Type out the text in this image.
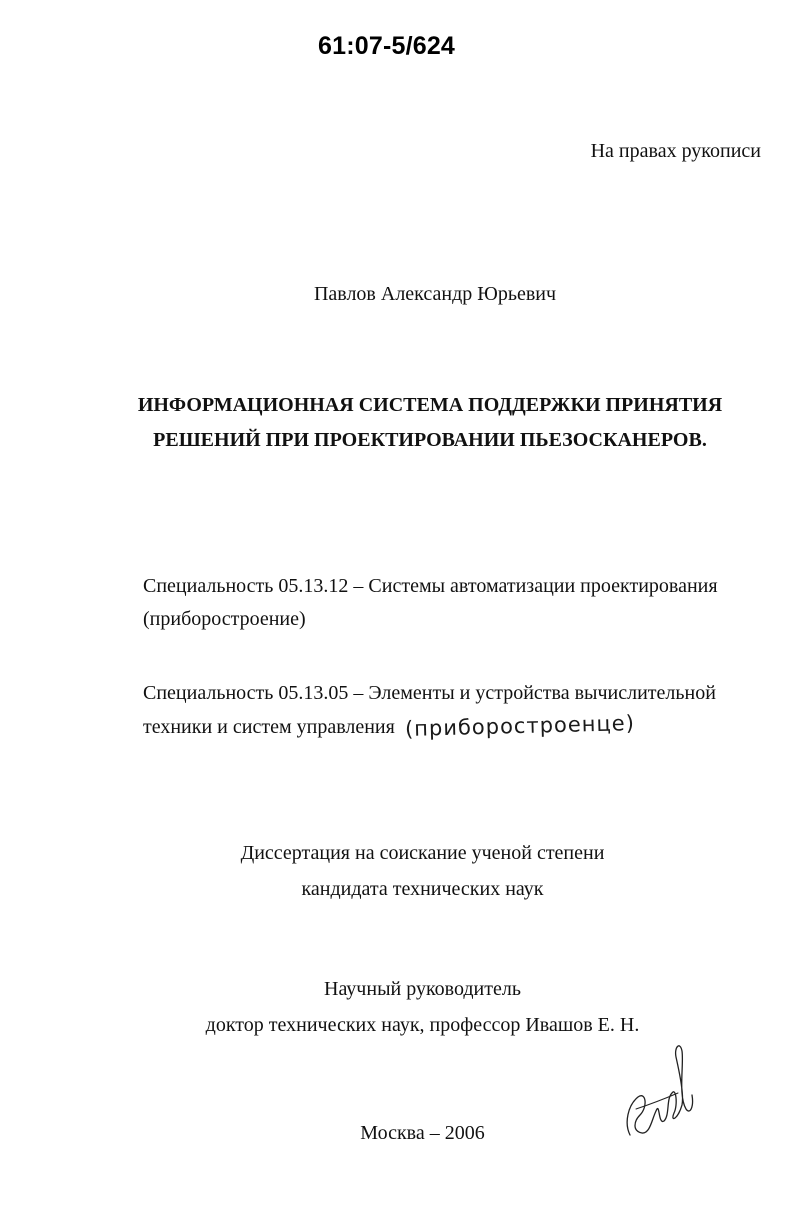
61:07-5/624
На правах рукописи
Павлов Александр Юрьевич
ИНФОРМАЦИОННАЯ СИСТЕМА ПОДДЕРЖКИ ПРИНЯТИЯ
РЕШЕНИЙ ПРИ ПРОЕКТИРОВАНИИ ПЬЕЗОСКАНЕРОВ.
Специальность 05.13.12 – Системы автоматизации проектирования
(приборостроение)
Специальность 05.13.05 – Элементы и устройства вычислительной
техники и систем управления (приборостроенце)
Диссертация на соискание ученой степени
кандидата технических наук
Научный руководитель
доктор технических наук, профессор Ивашов Е. Н.
Москва – 2006
